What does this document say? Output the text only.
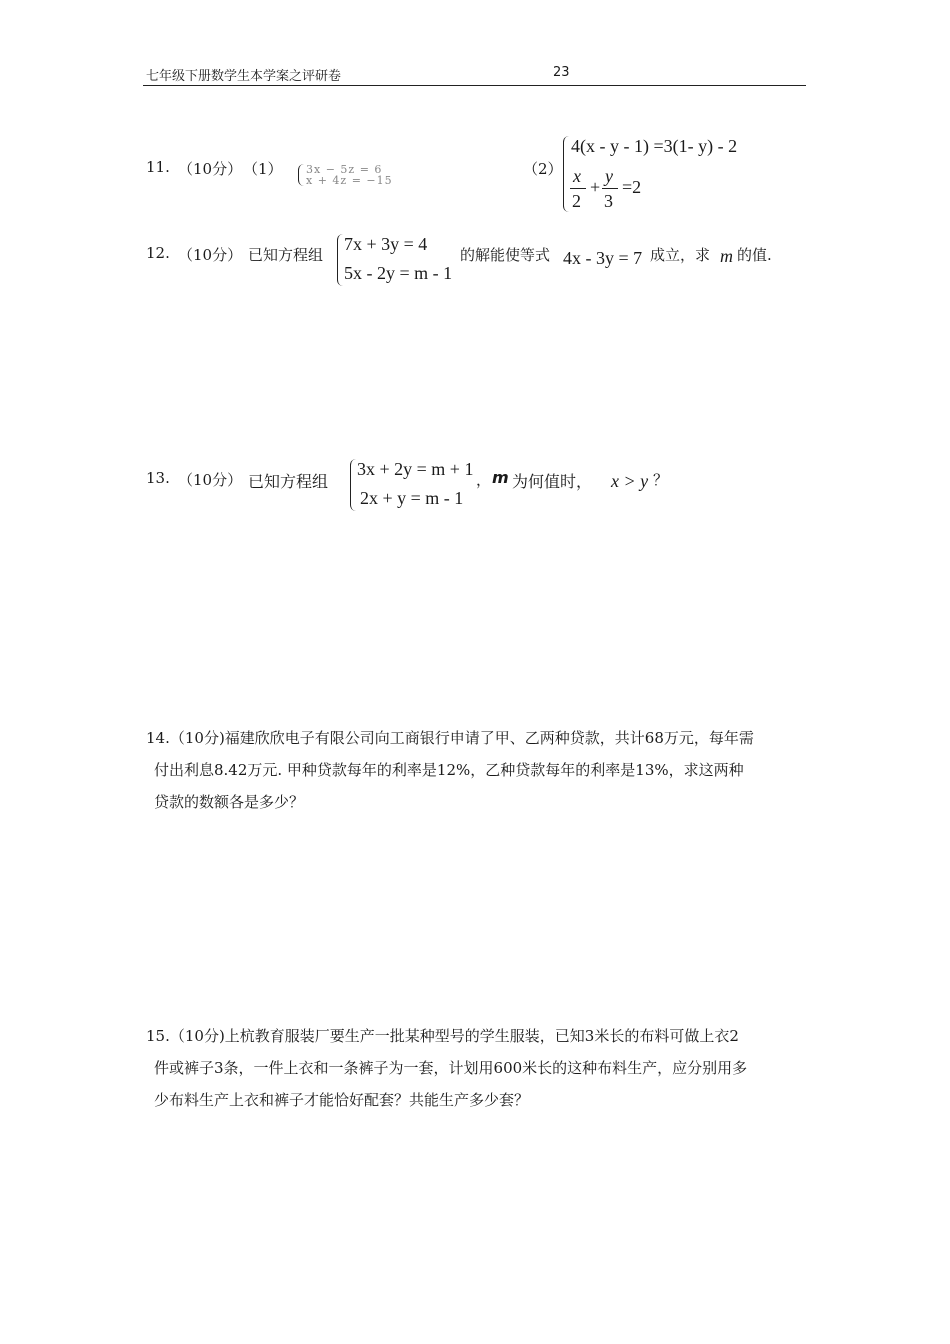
七年级下册数学生本学案之评研卷	23
11. （10分） （1） 3x − 5z = 6
x + 4z = −15
（2）
4(x - y - 1) =3(1- y) - 2
x
2
+
y
3
=2
12. （10分） 已知方程组
7x + 3y = 4
5x - 2y = m - 1
的解能使等式 4x - 3y = 7 成立，求 m 的值.
13. （10分） 已知方程组
3x + 2y = m + 1
2x + y = m - 1
， m 为何值时， x > y ？
14.（10分)福建欣欣电子有限公司向工商银行申请了甲、乙两种贷款，共计68万元，每年需
付出利息8.42万元. 甲种贷款每年的利率是12%，乙种贷款每年的利率是13%，求这两种
贷款的数额各是多少？
15.（10分)上杭教育服装厂要生产一批某种型号的学生服装，已知3米长的布料可做上衣2
件或裤子3条，一件上衣和一条裤子为一套，计划用600米长的这种布料生产，应分别用多
少布料生产上衣和裤子才能恰好配套？共能生产多少套？
